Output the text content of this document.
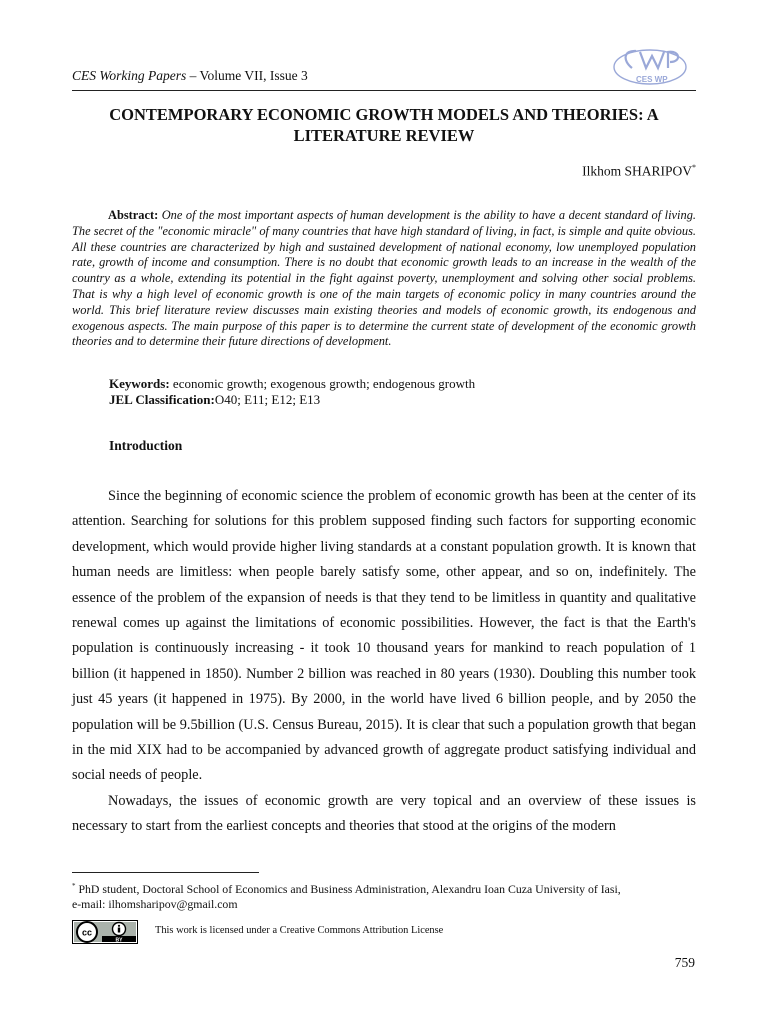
CES Working Papers – Volume VII, Issue 3	CES WP
CONTEMPORARY ECONOMIC GROWTH MODELS AND THEORIES: A LITERATURE REVIEW
Ilkhom SHARIPOV*
Abstract: One of the most important aspects of human development is the ability to have a decent standard of living. The secret of the "economic miracle" of many countries that have high standard of living, in fact, is simple and quite obvious. All these countries are characterized by high and sustained development of national economy, low unemployed population rate, growth of income and consumption. There is no doubt that economic growth leads to an increase in the wealth of the country as a whole, extending its potential in the fight against poverty, unemployment and solving other social problems. That is why a high level of economic growth is one of the main targets of economic policy in many countries around the world. This brief literature review discusses main existing theories and models of economic growth, its endogenous and exogenous aspects. The main purpose of this paper is to determine the current state of development of the economic growth theories and to determine their future directions of development.
Keywords: economic growth; exogenous growth; endogenous growth
JEL Classification:O40; E11; E12; E13
Introduction

Since the beginning of economic science the problem of economic growth has been at the center of its attention. Searching for solutions for this problem supposed finding such factors for supporting economic development, which would provide higher living standards at a constant population growth. It is known that human needs are limitless: when people barely satisfy some, other appear, and so on, indefinitely. The essence of the problem of the expansion of needs is that they tend to be limitless in quantity and qualitative renewal comes up against the limitations of economic possibilities. However, the fact is that the Earth's population is continuously increasing - it took 10 thousand years for mankind to reach population of 1 billion (it happened in 1850). Number 2 billion was reached in 80 years (1930). Doubling this number took just 45 years (it happened in 1975). By 2000, in the world have lived 6 billion people, and by 2050 the population will be 9.5billion (U.S. Census Bureau, 2015). It is clear that such a population growth that began in the mid XIX had to be accompanied by advanced growth of aggregate product satisfying individual and social needs of people.

Nowadays, the issues of economic growth are very topical and an overview of these issues is necessary to start from the earliest concepts and theories that stood at the origins of the modern

* PhD student, Doctoral School of Economics and Business Administration, Alexandru Ioan Cuza University of Iasi,
e-mail: ilhomsharipov@gmail.com
cc
BY
This work is licensed under a Creative Commons Attribution License
759
